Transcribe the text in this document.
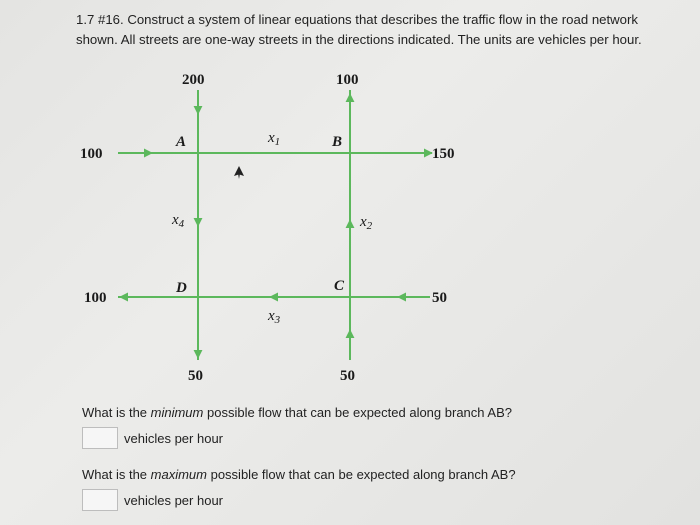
1.7 #16. Construct a system of linear equations that describes the traffic flow in the road network shown. All streets are one-way streets in the directions indicated. The units are vehicles per hour.
200	100
100	150
100	50
50	50
A	B
C
D
$x_1$
$x_2$
$x_3$
$x_4$
What is the minimum possible flow that can be expected along branch AB?
vehicles per hour
What is the maximum possible flow that can be expected along branch AB?
vehicles per hour
